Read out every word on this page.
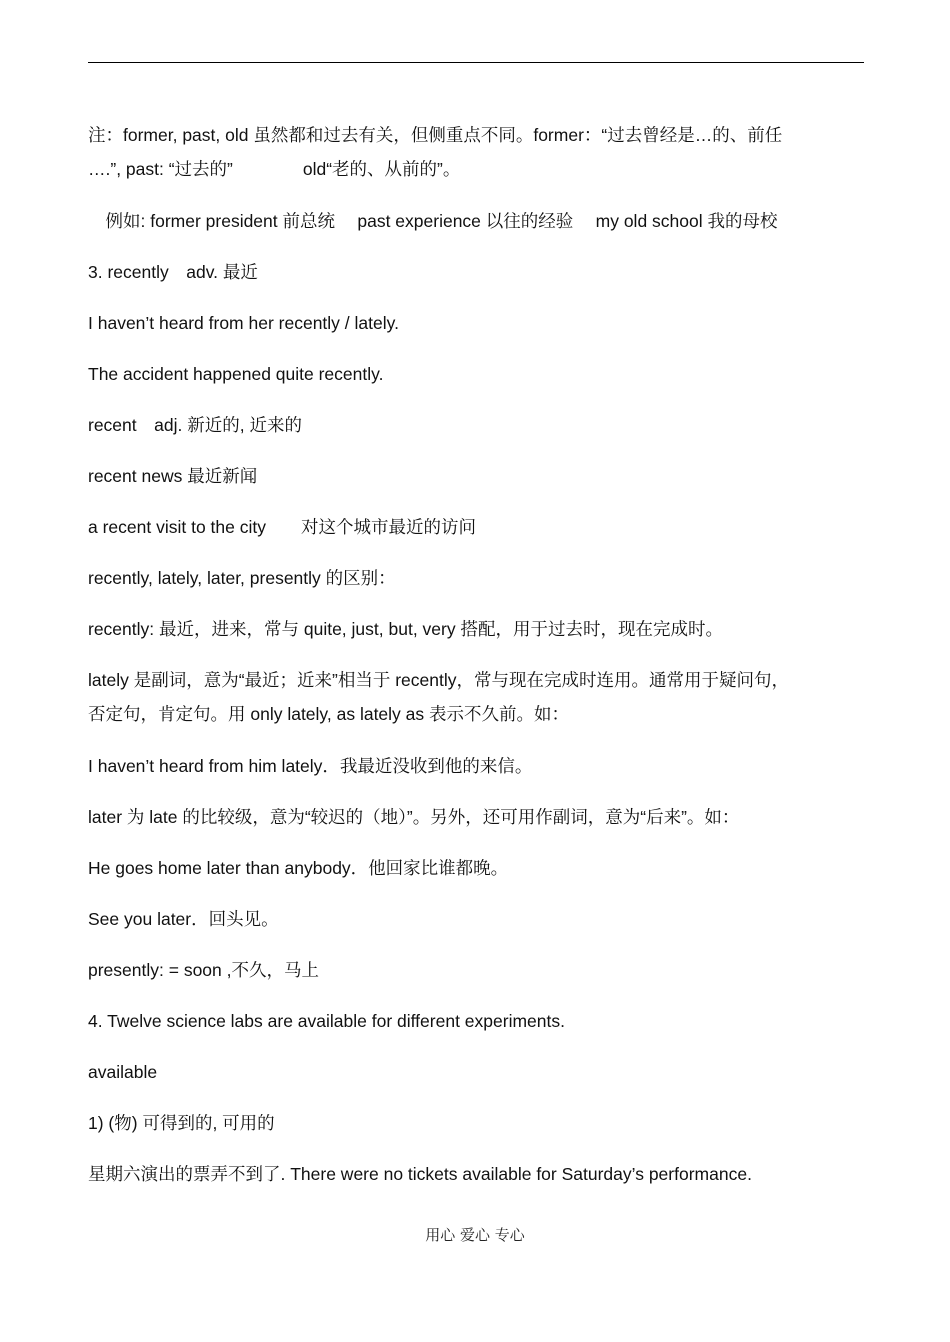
注：former, past, old 虽然都和过去有关，但侧重点不同。former：“过去曾经是…的、前任
….”, past: “过去的”　　　　old“老的、从前的”。
　例如: former president 前总统　 past experience 以往的经验　 my old school 我的母校
3. recently　adv. 最近
I haven’t heard from her recently / lately.
The accident happened quite recently.
recent　adj. 新近的, 近来的
recent news 最近新闻
a recent visit to the city　　对这个城市最近的访问
recently, lately, later, presently 的区别：
recently: 最近，进来，常与 quite, just, but, very 搭配，用于过去时，现在完成时。
lately 是副词，意为“最近；近来”相当于 recently，常与现在完成时连用。通常用于疑问句，
否定句，肯定句。用 only lately, as lately as 表示不久前。如：
I haven’t heard from him lately．我最近没收到他的来信。
later 为 late 的比较级，意为“较迟的（地）”。另外，还可用作副词，意为“后来”。如：
He goes home later than anybody．他回家比谁都晚。
See you later．回头见。
presently: = soon ,不久，马上
4. Twelve science labs are available for different experiments.
available
1) (物) 可得到的, 可用的
星期六演出的票弄不到了. There were no tickets available for Saturday’s performance.
用心 爱心 专心
